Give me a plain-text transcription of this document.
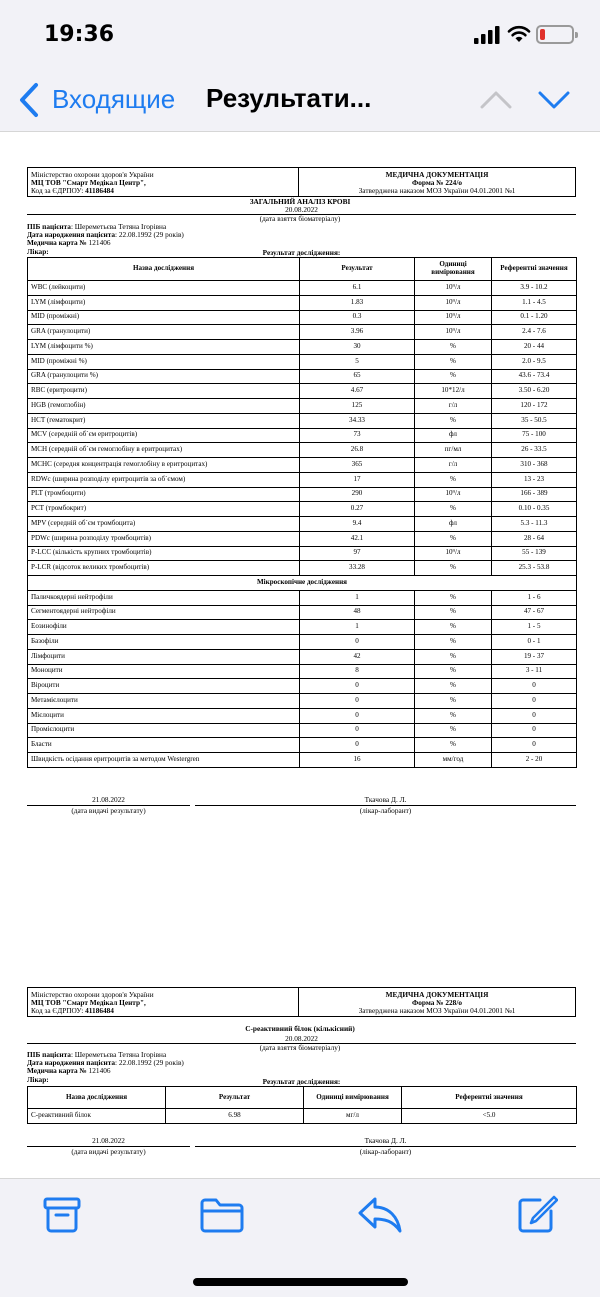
19:36
Входящие Результати...
Міністерство охорони здоров'я України
МЦ ТОВ "Смарт Медікал Центр",
Код за ЄДРПОУ: 41186484
МЕДИЧНА ДОКУМЕНТАЦІЯ
Форма № 224/о
Затверджена наказом МОЗ України 04.01.2001 №1
ЗАГАЛЬНИЙ АНАЛІЗ КРОВІ
20.08.2022
(дата взяття біоматеріалу)
ПІБ пацієнта: Шереметьєва Тетяна Ігорівна
Дата народження пацієнта: 22.08.1992 (29 років)
Медична карта № 121406
Лікар:	Результат дослідження:
Назва дослідження	Результат	Одиниці вимірювання	Референтні значення
WBC (лейкоцити)	6.1	10⁹/л	3.9 - 10.2
LYM (лімфоцити)	1.83	10⁹/л	1.1 - 4.5
MID (проміжні)	0.3	10⁹/л	0.1 - 1.20
GRA (гранулоцити)	3.96	10⁹/л	2.4 - 7.6
LYM (лімфоцити %)	30	%	20 - 44
MID (проміжні %)	5	%	2.0 - 9.5
GRA (гранулоцити %)	65	%	43.6 - 73.4
RBC (еритроцити)	4.67	10*12/л	3.50 - 6.20
HGB (гемоглобін)	125	г/л	120 - 172
HCT (гематокрит)	34.33	%	35 - 50.5
MCV (середній об`єм еритроцитів)	73	фл	75 - 100
MCH (середній об`єм гемоглобіну в еритроцитах)	26.8	пг/мл	26 - 33.5
MCHC (середня концентрація гемоглобіну в еритроцитах)	365	г/л	310 - 368
RDWc (ширина розподілу еритроцитів за об`ємом)	17	%	13 - 23
PLT (тромбоцити)	290	10⁹/л	166 - 389
PCT (тромбокрит)	0.27	%	0.10 - 0.35
MPV (середній об`єм тромбоцита)	9.4	фл	5.3 - 11.3
PDWc (ширина розподілу тромбоцитів)	42.1	%	28 - 64
P-LCC (кількість крупних тромбоцитів)	97	10⁹/л	55 - 139
P-LCR (відсоток великих тромбоцитів)	33.28	%	25.3 - 53.8
Мікроскопічне дослідження			
Паличкоядерні нейтрофіли	1	%	1 - 6
Сегментоядерні нейтрофіли	48	%	47 - 67
Еозинофіли	1	%	1 - 5
Базофіли	0	%	0 - 1
Лімфоцити	42	%	19 - 37
Моноцити	8	%	3 - 11
Віроцити	0	%	0
Метамієлоцити	0	%	0
Мієлоцити	0	%	0
Промієлоцити	0	%	0
Бласти	0	%	0
Швидкість осідання еритроцитів за методом Westergren	16	мм/год	2 - 20
21.08.2022
(дата видачі результату)
Ткачова Д. Л.
(лікар-лаборант)
Міністерство охорони здоров'я України
МЦ ТОВ "Смарт Медікал Центр",
Код за ЄДРПОУ: 41186484
МЕДИЧНА ДОКУМЕНТАЦІЯ
Форма № 228/о
Затверджена наказом МОЗ України 04.01.2001 №1
С-реактивний білок (кількісний)
20.08.2022
(дата взяття біоматеріалу)
ПІБ пацієнта: Шереметьєва Тетяна Ігорівна
Дата народження пацієнта: 22.08.1992 (29 років)
Медична карта № 121406
Лікар:	Результат дослідження:
Назва дослідження	Результат	Одиниці вимірювання	Референтні значення
С-реактивний білок	6.98	мг/л	<5.0
21.08.2022
(дата видачі результату)
Ткачова Д. Л.
(лікар-лаборант)
